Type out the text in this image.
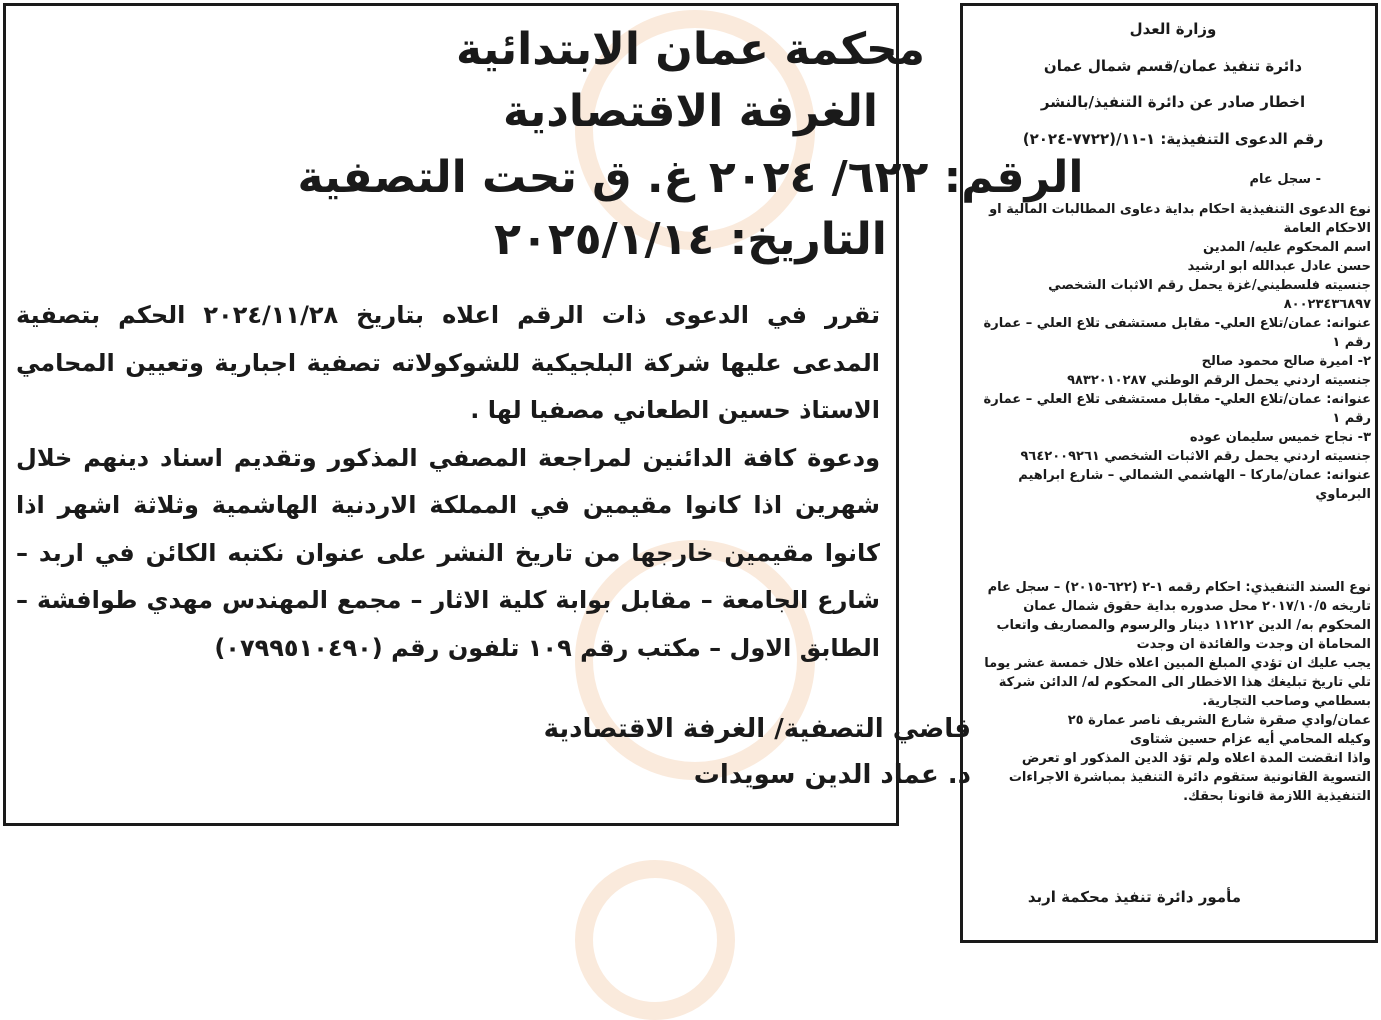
محكمة عمان الابتدائية
الغرفة الاقتصادية
الرقم: ٦٢٢/ ٢٠٢٤ غ. ق تحت التصفية
التاريخ: ٢٠٢٥/١/١٤

تقرر في الدعوى ذات الرقم اعلاه بتاريخ ٢٠٢٤/١١/٢٨ الحكم بتصفية المدعى عليها شركة البلجيكية للشوكولاته تصفية اجبارية وتعيين المحامي الاستاذ حسين الطعاني مصفيا لها .

ودعوة كافة الدائنين لمراجعة المصفي المذكور وتقديم اسناد دينهم خلال شهرين اذا كانوا مقيمين في المملكة الاردنية الهاشمية وثلاثة اشهر اذا كانوا مقيمين خارجها من تاريخ النشر على عنوان نكتبه الكائن في اربد – شارع الجامعة – مقابل بوابة كلية الاثار – مجمع المهندس مهدي طوافشة – الطابق الاول – مكتب رقم ١٠٩ تلفون رقم (٠٧٩٩٥١٠٤٩٠)

قاضي التصفية/ الغرفة الاقتصادية
د. عماد الدين سويدات
وزارة العدل
دائرة تنفيذ عمان/قسم شمال عمان
اخطار صادر عن دائرة التنفيذ/بالنشر
رقم الدعوى التنفيذية: ١-١١/(٧٧٢٢-٢٠٢٤)
- سجل عام
نوع الدعوى التنفيذية احكام بداية دعاوى المطالبات المالية او الاحكام العامة
اسم المحكوم عليه/ المدين
حسن عادل عبدالله ابو ارشيد
جنسيته فلسطيني/غزة يحمل رقم الاثبات الشخصي ٨٠٠٢٣٤٣٦٨٩٧
عنوانه: عمان/تلاع العلي- مقابل مستشفى تلاع العلي – عمارة رقم ١
٢- اميرة صالح محمود صالح
جنسيته اردني يحمل الرقم الوطني ٩٨٣٢٠١٠٢٨٧
عنوانه: عمان/تلاع العلي- مقابل مستشفى تلاع العلي – عمارة رقم ١
٣- نجاح خميس سليمان عوده
جنسيته اردني يحمل رقم الاثبات الشخصي ٩٦٤٢٠٠٩٢٦١
عنوانه: عمان/ماركا – الهاشمي الشمالي – شارع ابراهيم البرماوي
نوع السند التنفيذي: احكام رقمه ١-٢ (٦٢٢-٢٠١٥) – سجل عام
تاريخه ٢٠١٧/١٠/٥ محل صدوره بداية حقوق شمال عمان
المحكوم به/ الدين ١١٢١٢ دينار والرسوم والمصاريف واتعاب المحاماة ان وجدت والفائدة ان وجدت
يجب عليك ان تؤدي المبلغ المبين اعلاه خلال خمسة عشر يوما تلي تاريخ تبليغك هذا الاخطار الى المحكوم له/ الدائن شركة بسطامي وصاحب التجارية.
عمان/وادي صقرة شارع الشريف ناصر عمارة ٢٥
وكيله المحامي أيه عزام حسين شتاوى
واذا انقضت المدة اعلاه ولم تؤد الدين المذكور او تعرض التسوية القانونية ستقوم دائرة التنفيذ بمباشرة الاجراءات التنفيذية اللازمة قانونا بحقك.
مأمور دائرة تنفيذ محكمة اربد
